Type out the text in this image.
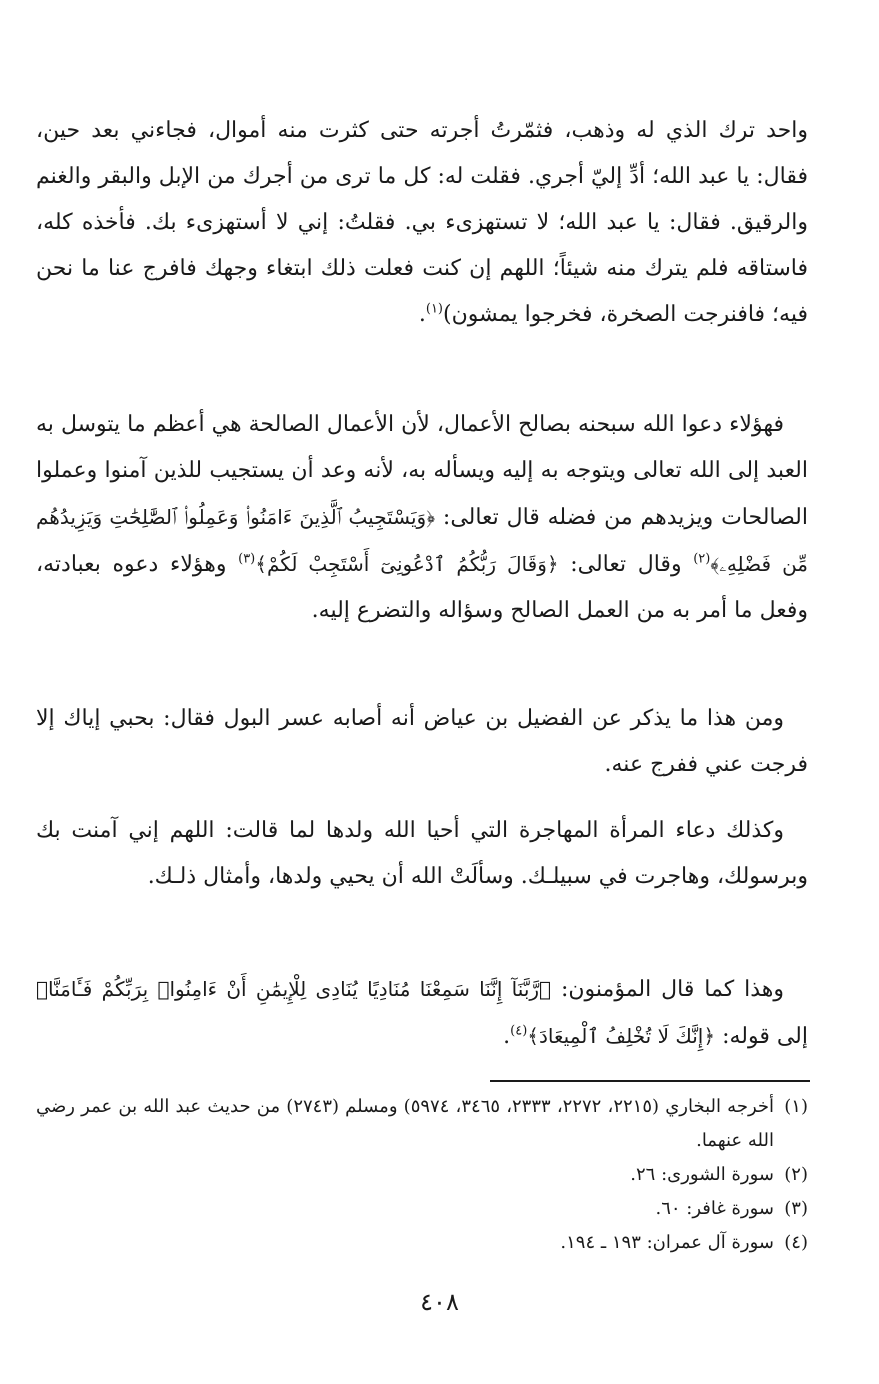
واحد ترك الذي له وذهب، فثمّرتُ أجرته حتى كثرت منه أموال، فجاءني بعد حين، فقال: يا عبد الله؛ أدِّ إليّ أجري. فقلت له: كل ما ترى من أجرك من الإبل والبقر والغنم والرقيق. فقال: يا عبد الله؛ لا تستهزىء بي. فقلتُ: إني لا أستهزىء بك. فأخذه كله، فاستاقه فلم يترك منه شيئاً؛ اللهم إن كنت فعلت ذلك ابتغاء وجهك فافرج عنا ما نحن فيه؛ فافنرجت الصخرة، فخرجوا يمشون)$^{(١)}$.

فهؤلاء دعوا الله سبحنه بصالح الأعمال، لأن الأعمال الصالحة هي أعظم ما يتوسل به العبد إلى الله تعالى ويتوجه به إليه ويسأله به، لأنه وعد أن يستجيب للذين آمنوا وعملوا الصالحات ويزيدهم من فضله قال تعالى: ﴿وَيَسْتَجِيبُ ٱلَّذِينَ ءَامَنُوا۟ وَعَمِلُوا۟ ٱلصَّٰلِحَٰتِ وَيَزِيدُهُم مِّن فَضْلِهِۦ﴾$^{(٢)}$ وقال تعالى: ﴿وَقَالَ رَبُّكُمُ ٱدْعُونِىٓ أَسْتَجِبْ لَكُمْ﴾$^{(٣)}$ وهؤلاء دعوه بعبادته، وفعل ما أمر به من العمل الصالح وسؤاله والتضرع إليه.

ومن هذا ما يذكر عن الفضيل بن عياض أنه أصابه عسر البول فقال: بحبي إياك إلا فرجت عني ففرج عنه.

وكذلك دعاء المرأة المهاجرة التي أحيا الله ولدها لما قالت: اللهم إني آمنت بك وبرسولك، وهاجرت في سبيلـك. وسألَتْ الله أن يحيي ولدها، وأمثال ذلـك.

وهذا كما قال المؤمنون: ﴿رَّبَّنَآ إِنَّنَا سَمِعْنَا مُنَادِيًا يُنَادِى لِلْإِيمَٰنِ أَنْ ءَامِنُوا۟ بِرَبِّكُمْ فَـَٔامَنَّا﴾ إلى قوله: ﴿إِنَّكَ لَا تُخْلِفُ ٱلْمِيعَادَ﴾$^{(٤)}$.

(١)
أخرجه البخاري (٢٢١٥، ٢٢٧٢، ٢٣٣٣، ٣٤٦٥، ٥٩٧٤) ومسلم (٢٧٤٣) من حديث عبد الله بن عمر رضي الله عنهما.
(٢)
سورة الشورى: ٢٦.
(٣)
سورة غافر: ٦٠.
(٤)
سورة آل عمران: ١٩٣ ـ ١٩٤.
٤٠٨
